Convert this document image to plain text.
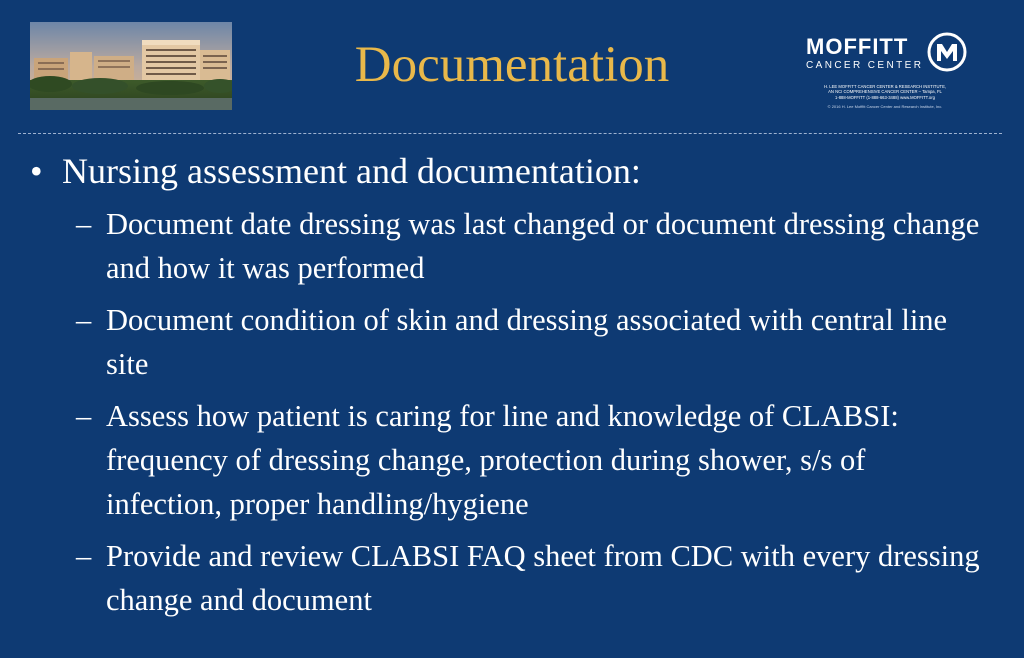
Documentation	MOFFITT
CANCER CENTER
H. LEE MOFFITT CANCER CENTER & RESEARCH INSTITUTE,
AN NCI COMPREHENSIVE CANCER CENTER – Tampa, FL
1-888-MOFFITT (1-888-663-3488) www.MOFFITT.org
© 2016 H. Lee Moffitt Cancer Center and Research Institute, Inc.
• Nursing assessment and documentation:
– Document date dressing was last changed or document dressing change and how it was performed
– Document condition of skin and dressing associated with central line site
– Assess how patient is caring for line and knowledge of CLABSI: frequency of dressing change, protection during shower, s/s of infection, proper handling/hygiene
– Provide and review CLABSI FAQ sheet from CDC with every dressing change and document
